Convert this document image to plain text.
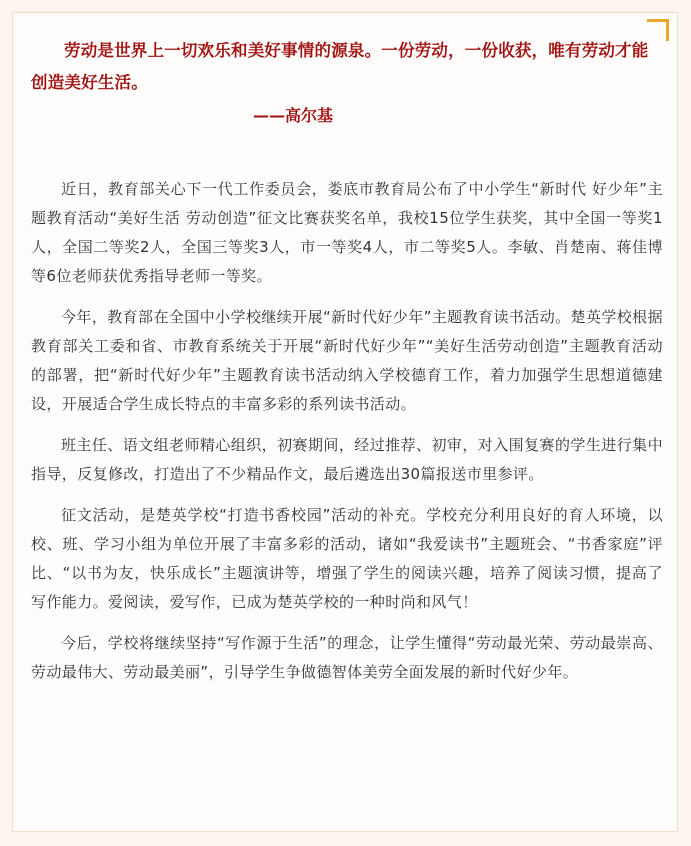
劳动是世界上一切欢乐和美好事情的源泉。一份劳动，一份收获，唯有劳动才能创造美好生活。

——高尔基

近日，教育部关心下一代工作委员会，娄底市教育局公布了中小学生“新时代 好少年”主题教育活动“美好生活 劳动创造”征文比赛获奖名单，我校15位学生获奖，其中全国一等奖1人，全国二等奖2人，全国三等奖3人，市一等奖4人，市二等奖5人。李敏、肖楚南、蒋佳博等6位老师获优秀指导老师一等奖。

今年，教育部在全国中小学校继续开展“新时代好少年”主题教育读书活动。楚英学校根据教育部关工委和省、市教育系统关于开展“新时代好少年”“美好生活劳动创造”主题教育活动的部署，把“新时代好少年”主题教育读书活动纳入学校德育工作，着力加强学生思想道德建设，开展适合学生成长特点的丰富多彩的系列读书活动。

班主任、语文组老师精心组织，初赛期间，经过推荐、初审，对入围复赛的学生进行集中指导，反复修改，打造出了不少精品作文，最后遴选出30篇报送市里参评。

征文活动，是楚英学校“打造书香校园”活动的补充。学校充分利用良好的育人环境，以校、班、学习小组为单位开展了丰富多彩的活动，诸如“我爱读书”主题班会、“书香家庭”评比、“以书为友，快乐成长”主题演讲等，增强了学生的阅读兴趣，培养了阅读习惯，提高了写作能力。爱阅读，爱写作，已成为楚英学校的一种时尚和风气！

今后，学校将继续坚持“写作源于生活”的理念，让学生懂得“劳动最光荣、劳动最崇高、劳动最伟大、劳动最美丽”，引导学生争做德智体美劳全面发展的新时代好少年。
